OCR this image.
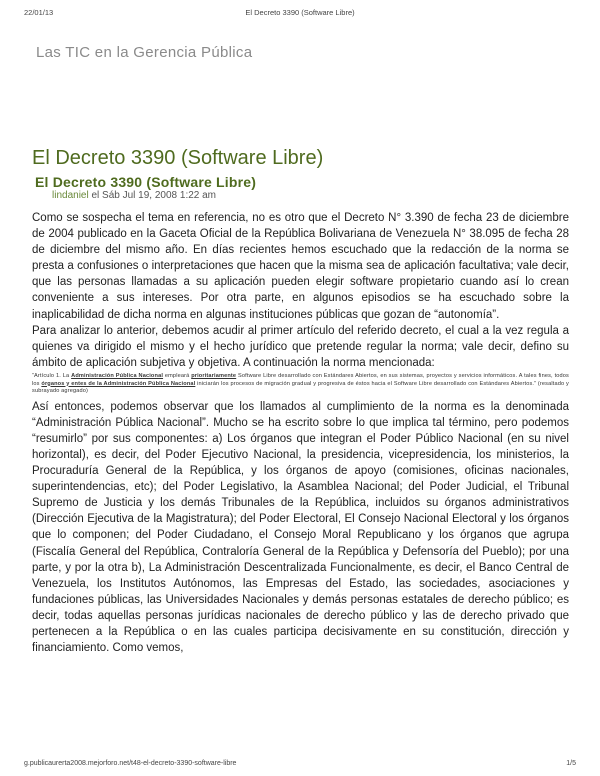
22/01/13	El Decreto 3390 (Software Libre)
Las TIC en la Gerencia Pública
El Decreto 3390 (Software Libre)
El Decreto 3390 (Software Libre)
lindaniel el Sáb Jul 19, 2008 1:22 am

Como se sospecha el tema en referencia, no es otro que el Decreto N° 3.390 de fecha 23 de diciembre de 2004 publicado en la Gaceta Oficial de la República Bolivariana de Venezuela N° 38.095 de fecha 28 de diciembre del mismo año. En días recientes hemos escuchado que la redacción de la norma se presta a confusiones o interpretaciones que hacen que la misma sea de aplicación facultativa; vale decir, que las personas llamadas a su aplicación pueden elegir software propietario cuando así lo crean conveniente a sus intereses. Por otra parte, en algunos episodios se ha escuchado sobre la inaplicabilidad de dicha norma en algunas instituciones públicas que gozan de “autonomía”.

Para analizar lo anterior, debemos acudir al primer artículo del referido decreto, el cual a la vez regula a quienes va dirigido el mismo y el hecho jurídico que pretende regular la norma; vale decir, defino su ámbito de aplicación subjetiva y objetiva. A continuación la norma mencionada:

“Artículo 1. La Administración Pública Nacional empleará prioritariamente Software Libre desarrollado con Estándares Abiertos, en sus sistemas, proyectos y servicios informáticos. A tales fines, todos los órganos y entes de la Administración Pública Nacional iniciarán los procesos de migración gradual y progresiva de éstos hacia el Software Libre desarrollado con Estándares Abiertos.” (resaltado y subrayado agregado)

Así entonces, podemos observar que los llamados al cumplimiento de la norma es la denominada “Administración Pública Nacional”. Mucho se ha escrito sobre lo que implica tal término, pero podemos “resumirlo” por sus componentes: a) Los órganos que integran el Poder Público Nacional (en su nivel horizontal), es decir, del Poder Ejecutivo Nacional, la presidencia, vicepresidencia, los ministerios, la Procuraduría General de la República, y los órganos de apoyo (comisiones, oficinas nacionales, superintendencias, etc); del Poder Legislativo, la Asamblea Nacional; del Poder Judicial, el Tribunal Supremo de Justicia y los demás Tribunales de la República, incluidos su órganos administrativos (Dirección Ejecutiva de la Magistratura); del Poder Electoral, El Consejo Nacional Electoral y los órganos que lo componen; del Poder Ciudadano, el Consejo Moral Republicano y los órganos que agrupa (Fiscalía General del República, Contraloría General de la República y Defensoría del Pueblo); por una parte, y por la otra b), La Administración Descentralizada Funcionalmente, es decir, el Banco Central de Venezuela, los Institutos Autónomos, las Empresas del Estado, las sociedades, asociaciones y fundaciones públicas, las Universidades Nacionales y demás personas estatales de derecho público; es decir, todas aquellas personas jurídicas nacionales de derecho público y las de derecho privado que pertenecen a la República o en las cuales participa decisivamente en su constitución, dirección y financiamiento. Como vemos,

g.publicaurerta2008.mejorforo.net/t48-el-decreto-3390-software-libre	1/5
